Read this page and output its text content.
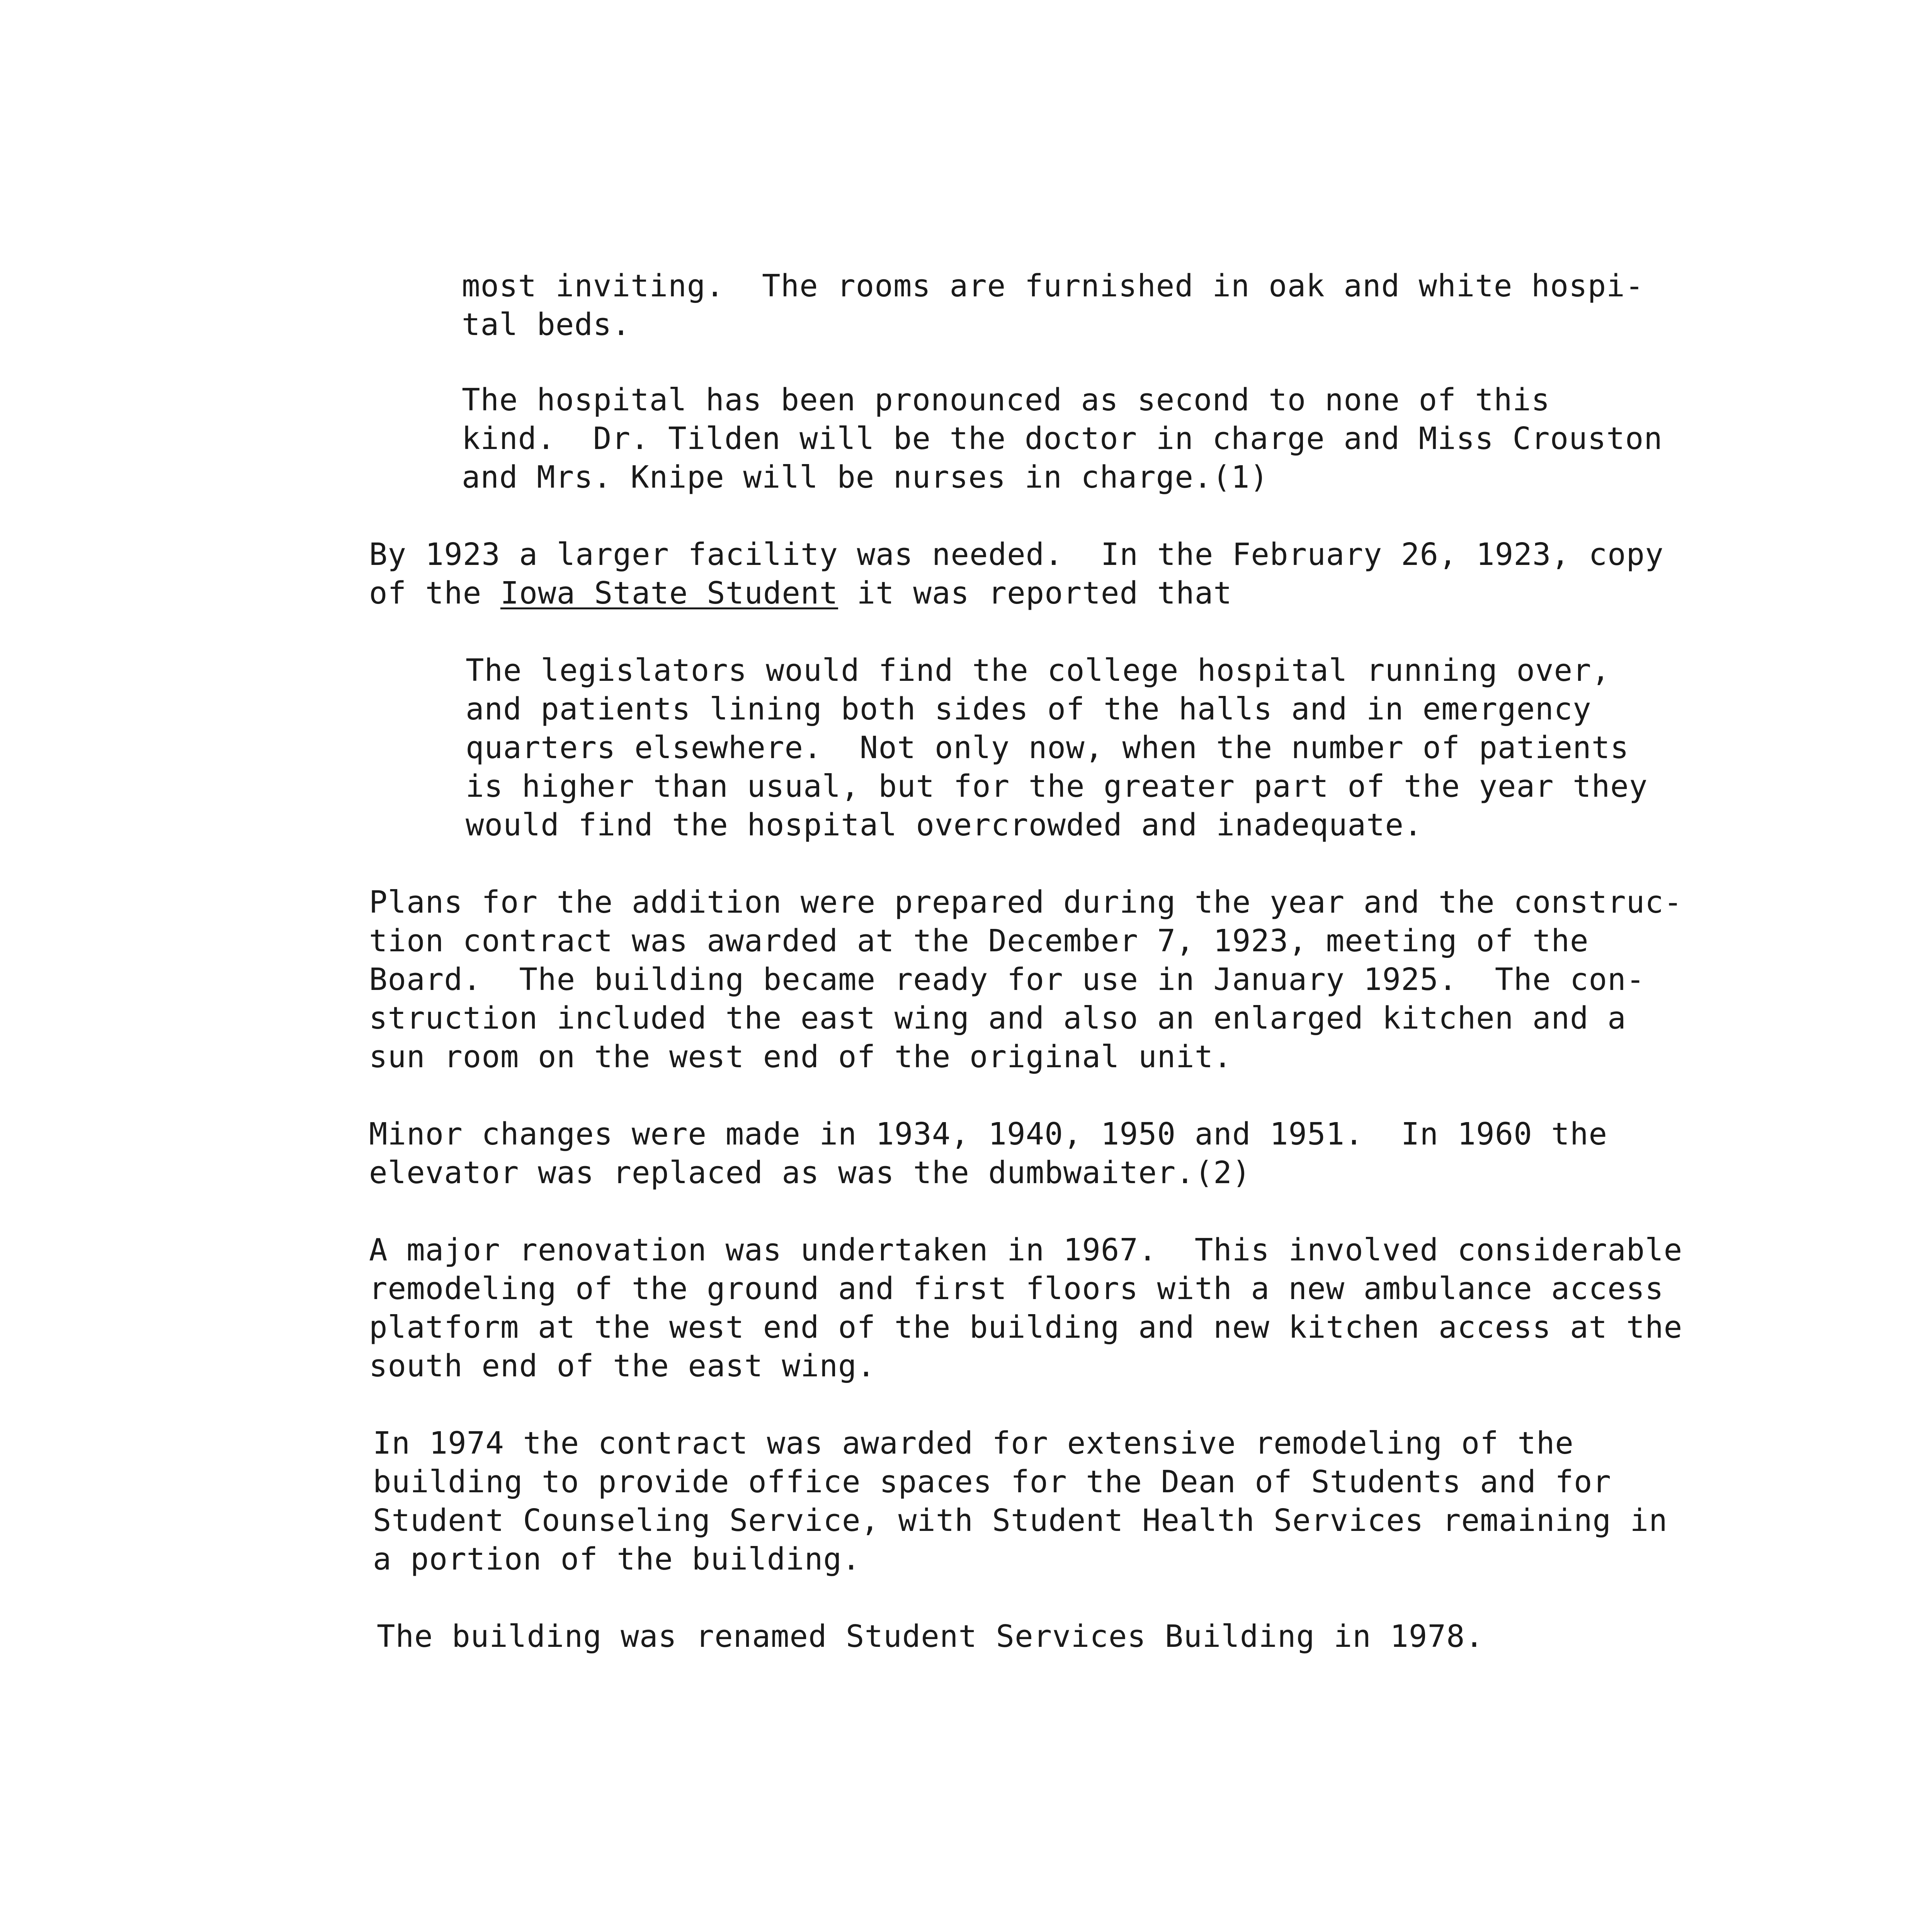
most inviting.  The rooms are furnished in oak and white hospi-

tal beds.

The hospital has been pronounced as second to none of this

kind.  Dr. Tilden will be the doctor in charge and Miss Crouston

and Mrs. Knipe will be nurses in charge.(1)

By 1923 a larger facility was needed.  In the February 26, 1923, copy

of the Iowa State Student it was reported that

The legislators would find the college hospital running over,

and patients lining both sides of the halls and in emergency

quarters elsewhere.  Not only now, when the number of patients

is higher than usual, but for the greater part of the year they

would find the hospital overcrowded and inadequate.

Plans for the addition were prepared during the year and the construc-

tion contract was awarded at the December 7, 1923, meeting of the

Board.  The building became ready for use in January 1925.  The con-

struction included the east wing and also an enlarged kitchen and a

sun room on the west end of the original unit.

Minor changes were made in 1934, 1940, 1950 and 1951.  In 1960 the

elevator was replaced as was the dumbwaiter.(2)

A major renovation was undertaken in 1967.  This involved considerable

remodeling of the ground and first floors with a new ambulance access

platform at the west end of the building and new kitchen access at the

south end of the east wing.

In 1974 the contract was awarded for extensive remodeling of the

building to provide office spaces for the Dean of Students and for

Student Counseling Service, with Student Health Services remaining in

a portion of the building.

The building was renamed Student Services Building in 1978.
